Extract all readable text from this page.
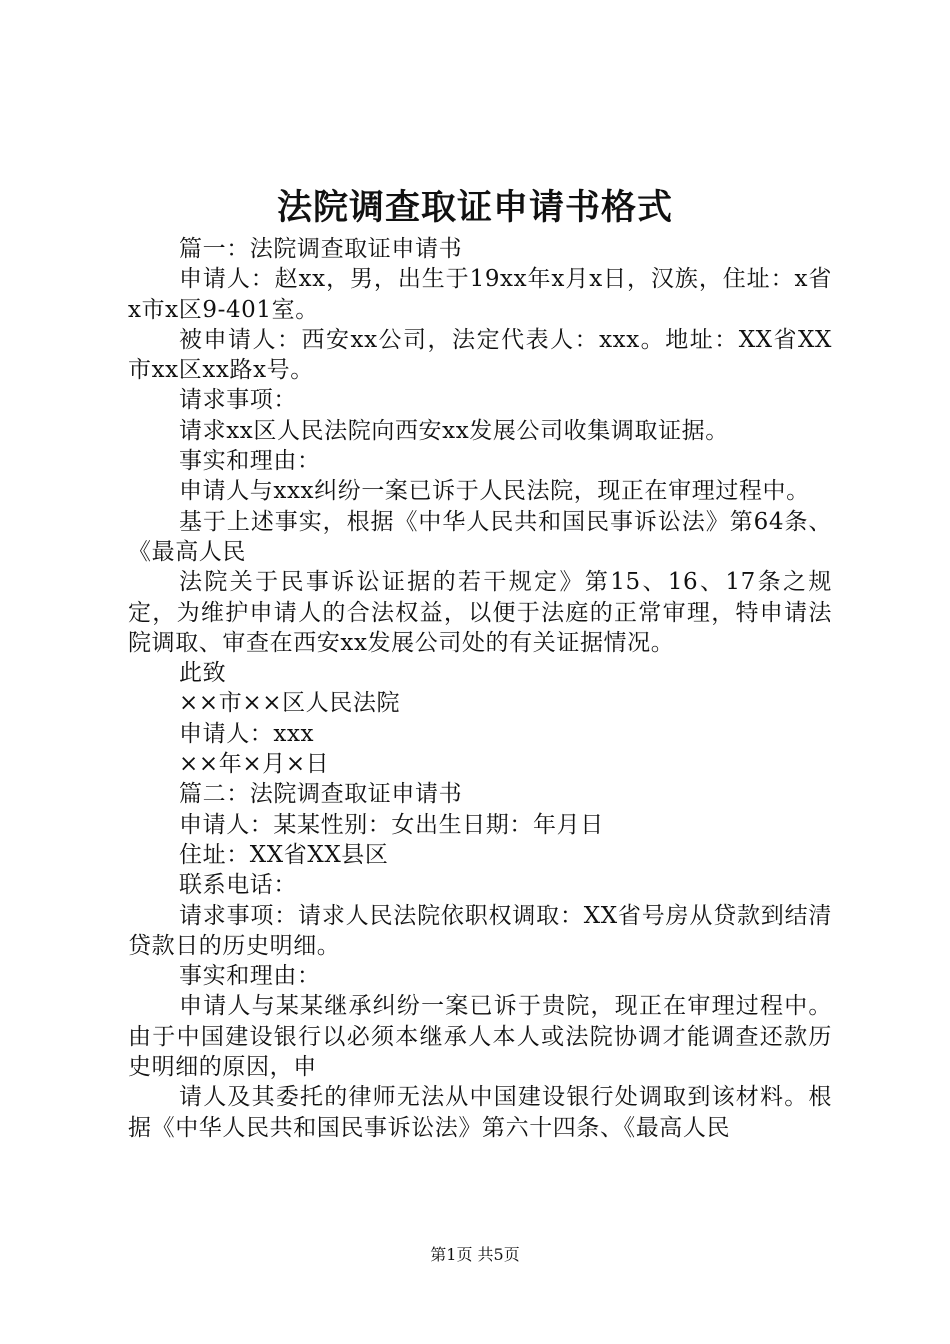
法院调查取证申请书格式

篇一：法院调查取证申请书

申请人：赵xx，男，出生于19xx年x月x日，汉族，住址：x省x市x区9-401室。

被申请人：西安xx公司，法定代表人：xxx。地址：XX省XX市xx区xx路x号。

请求事项：

请求xx区人民法院向西安xx发展公司收集调取证据。

事实和理由：

申请人与xxx纠纷一案已诉于人民法院，现正在审理过程中。

基于上述事实，根据《中华人民共和国民事诉讼法》第64条、《最高人民

法院关于民事诉讼证据的若干规定》第15、16、17条之规定，为维护申请人的合法权益，以便于法庭的正常审理，特申请法院调取、审查在西安xx发展公司处的有关证据情况。

此致

××市××区人民法院

申请人：xxx

××年×月×日

篇二：法院调查取证申请书

申请人：某某性别：女出生日期：年月日

住址：XX省XX县区

联系电话：

请求事项：请求人民法院依职权调取：XX省号房从贷款到结清贷款日的历史明细。

事实和理由：

申请人与某某继承纠纷一案已诉于贵院，现正在审理过程中。由于中国建设银行以必须本继承人本人或法院协调才能调查还款历史明细的原因，申

请人及其委托的律师无法从中国建设银行处调取到该材料。根据《中华人民共和国民事诉讼法》第六十四条、《最高人民

第1页 共5页
